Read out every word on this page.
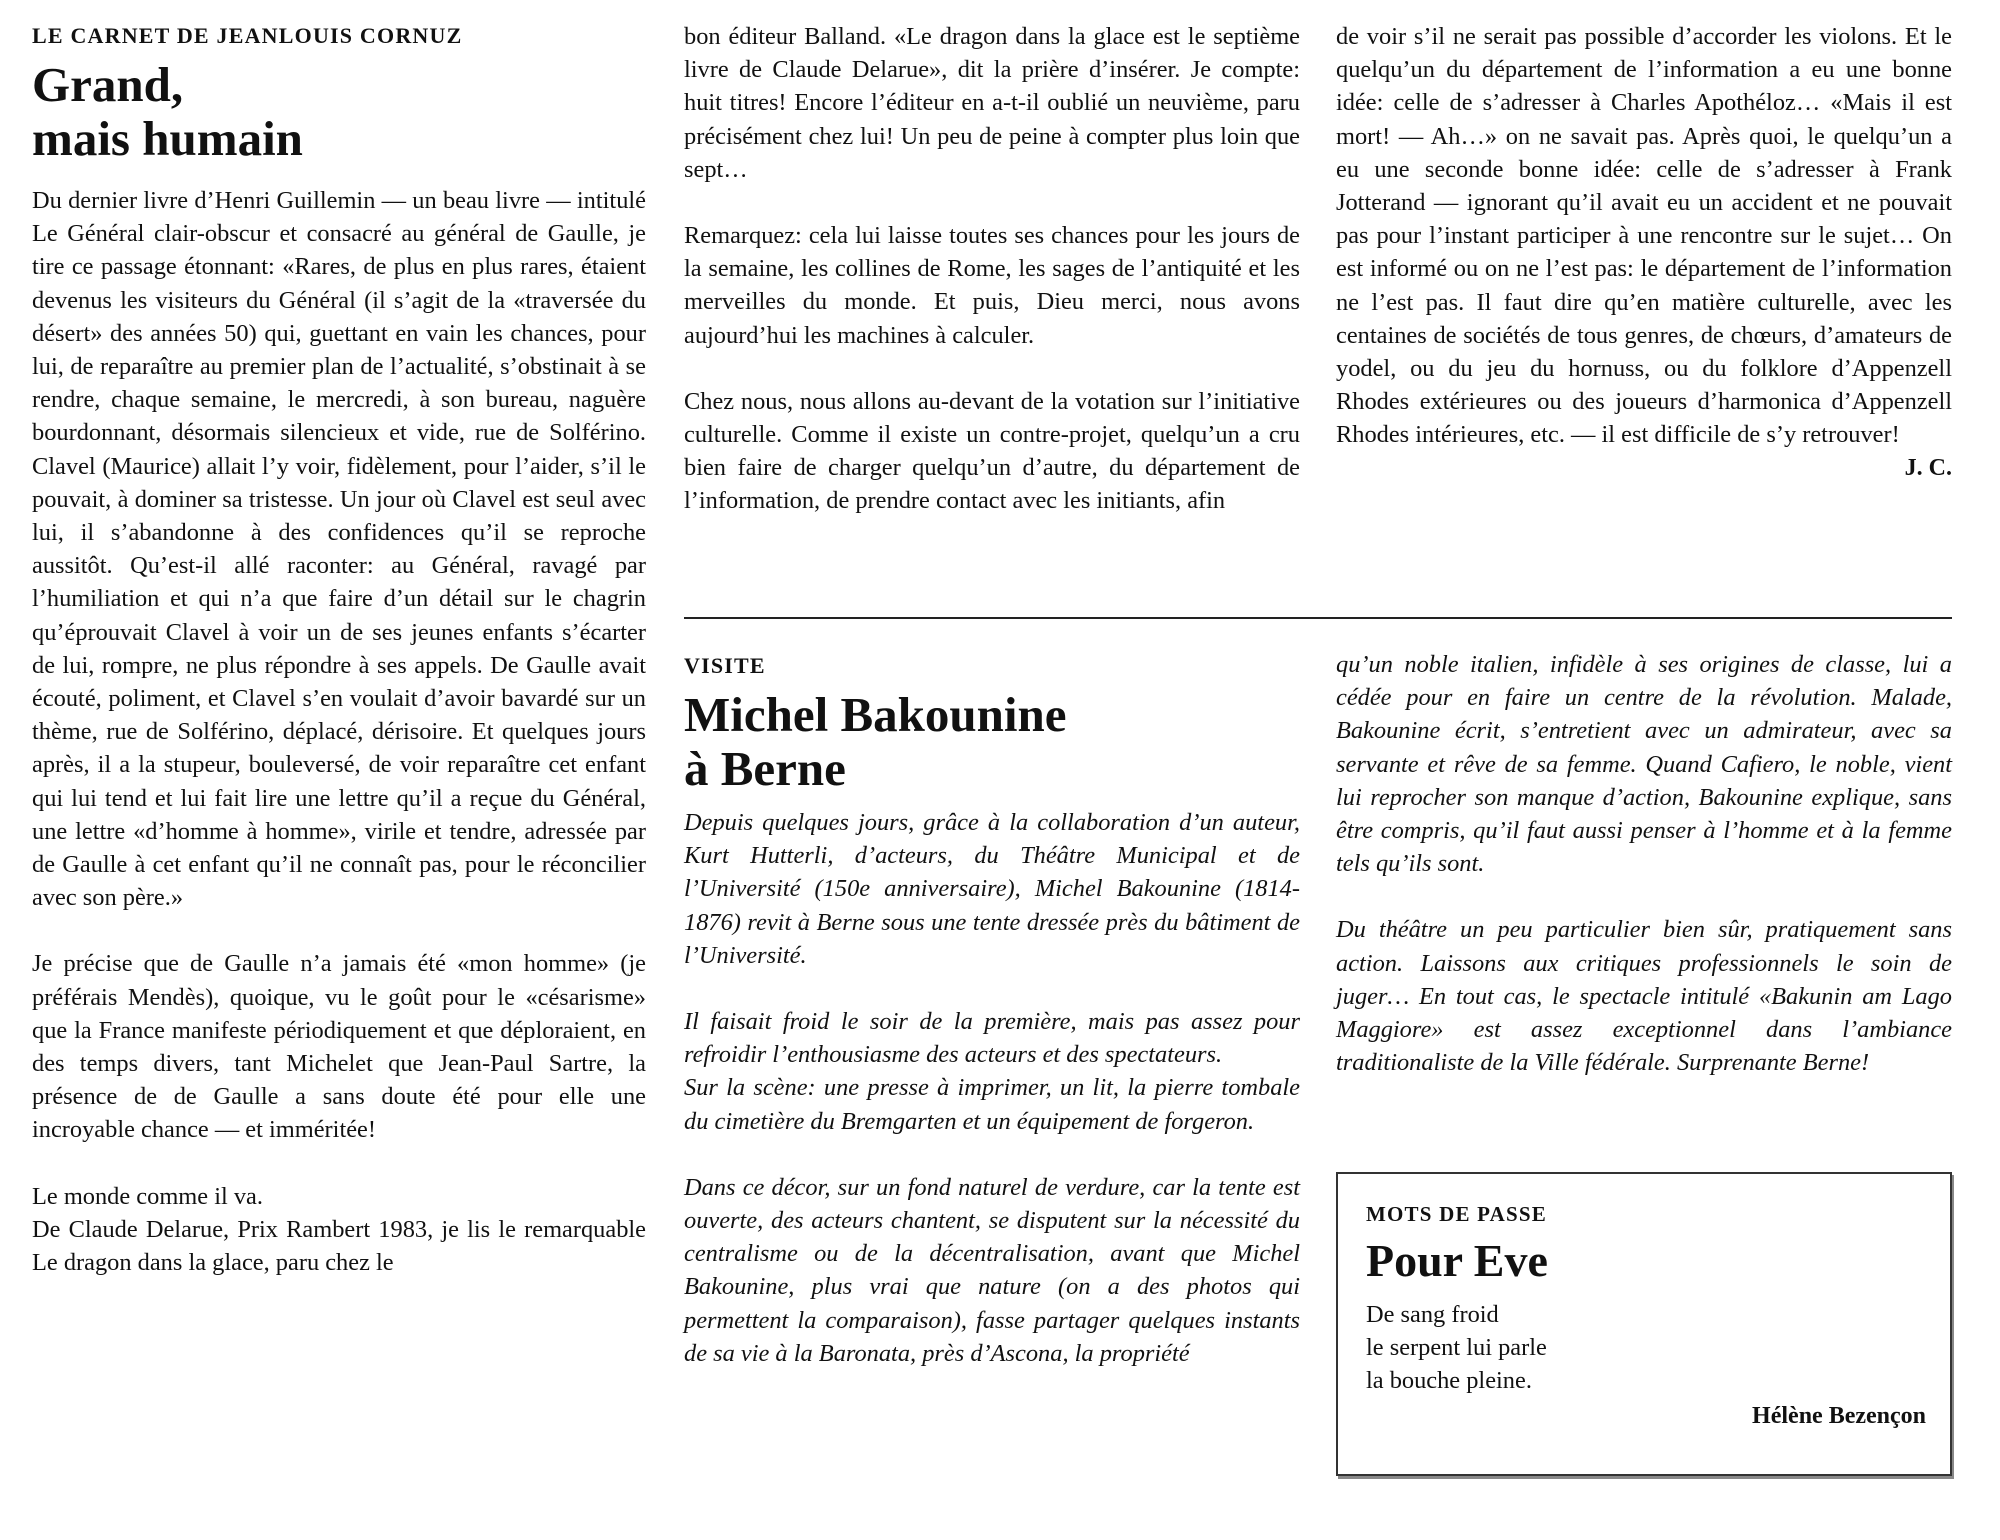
LE CARNET DE JEANLOUIS CORNUZ

Grand,
mais humain

Du dernier livre d’Henri Guillemin — un beau livre — intitulé Le Général clair-obscur et consacré au général de Gaulle, je tire ce passage étonnant: «Rares, de plus en plus rares, étaient devenus les visiteurs du Général (il s’agit de la «traversée du désert» des années 50) qui, guettant en vain les chances, pour lui, de reparaître au premier plan de l’actualité, s’obstinait à se rendre, chaque semaine, le mercredi, à son bureau, naguère bourdonnant, désormais silencieux et vide, rue de Solférino. Clavel (Maurice) allait l’y voir, fidèlement, pour l’aider, s’il le pouvait, à dominer sa tristesse. Un jour où Clavel est seul avec lui, il s’abandonne à des confidences qu’il se reproche aussitôt. Qu’est-il allé raconter: au Général, ravagé par l’humiliation et qui n’a que faire d’un détail sur le chagrin qu’éprouvait Clavel à voir un de ses jeunes enfants s’écarter de lui, rompre, ne plus répondre à ses appels. De Gaulle avait écouté, poliment, et Clavel s’en voulait d’avoir bavardé sur un thème, rue de Solférino, déplacé, dérisoire. Et quelques jours après, il a la stupeur, bouleversé, de voir reparaître cet enfant qui lui tend et lui fait lire une lettre qu’il a reçue du Général, une lettre «d’homme à homme», virile et tendre, adressée par de Gaulle à cet enfant qu’il ne connaît pas, pour le réconcilier avec son père.»

Je précise que de Gaulle n’a jamais été «mon homme» (je préférais Mendès), quoique, vu le goût pour le «césarisme» que la France manifeste périodiquement et que déploraient, en des temps divers, tant Michelet que Jean-Paul Sartre, la présence de de Gaulle a sans doute été pour elle une incroyable chance — et imméritée!

Le monde comme il va.

De Claude Delarue, Prix Rambert 1983, je lis le remarquable Le dragon dans la glace, paru chez le

bon éditeur Balland. «Le dragon dans la glace est le septième livre de Claude Delarue», dit la prière d’insérer. Je compte: huit titres! Encore l’éditeur en a-t-il oublié un neuvième, paru précisément chez lui! Un peu de peine à compter plus loin que sept…

Remarquez: cela lui laisse toutes ses chances pour les jours de la semaine, les collines de Rome, les sages de l’antiquité et les merveilles du monde. Et puis, Dieu merci, nous avons aujourd’hui les machines à calculer.

Chez nous, nous allons au-devant de la votation sur l’initiative culturelle. Comme il existe un contre-projet, quelqu’un a cru bien faire de charger quelqu’un d’autre, du département de l’information, de prendre contact avec les initiants, afin

de voir s’il ne serait pas possible d’accorder les violons. Et le quelqu’un du département de l’information a eu une bonne idée: celle de s’adresser à Charles Apothéloz… «Mais il est mort! — Ah…» on ne savait pas. Après quoi, le quelqu’un a eu une seconde bonne idée: celle de s’adresser à Frank Jotterand — ignorant qu’il avait eu un accident et ne pouvait pas pour l’instant participer à une rencontre sur le sujet… On est informé ou on ne l’est pas: le département de l’information ne l’est pas. Il faut dire qu’en matière culturelle, avec les centaines de sociétés de tous genres, de chœurs, d’amateurs de yodel, ou du jeu du hornuss, ou du folklore d’Appenzell Rhodes extérieures ou des joueurs d’harmonica d’Appenzell Rhodes intérieures, etc. — il est difficile de s’y retrouver!

J. C.

VISITE

Michel Bakounine
à Berne

Depuis quelques jours, grâce à la collaboration d’un auteur, Kurt Hutterli, d’acteurs, du Théâtre Municipal et de l’Université (150e anniversaire), Michel Bakounine (1814-1876) revit à Berne sous une tente dressée près du bâtiment de l’Université.

Il faisait froid le soir de la première, mais pas assez pour refroidir l’enthousiasme des acteurs et des spectateurs.

Sur la scène: une presse à imprimer, un lit, la pierre tombale du cimetière du Bremgarten et un équipement de forgeron.

Dans ce décor, sur un fond naturel de verdure, car la tente est ouverte, des acteurs chantent, se disputent sur la nécessité du centralisme ou de la décentralisation, avant que Michel Bakounine, plus vrai que nature (on a des photos qui permettent la comparaison), fasse partager quelques instants de sa vie à la Baronata, près d’Ascona, la propriété

qu’un noble italien, infidèle à ses origines de classe, lui a cédée pour en faire un centre de la révolution. Malade, Bakounine écrit, s’entretient avec un admirateur, avec sa servante et rêve de sa femme. Quand Cafiero, le noble, vient lui reprocher son manque d’action, Bakounine explique, sans être compris, qu’il faut aussi penser à l’homme et à la femme tels qu’ils sont.

Du théâtre un peu particulier bien sûr, pratiquement sans action. Laissons aux critiques professionnels le soin de juger… En tout cas, le spectacle intitulé «Bakunin am Lago Maggiore» est assez exceptionnel dans l’ambiance traditionaliste de la Ville fédérale. Surprenante Berne!

MOTS DE PASSE

Pour Eve

De sang froid

le serpent lui parle

la bouche pleine.

Hélène Bezençon
